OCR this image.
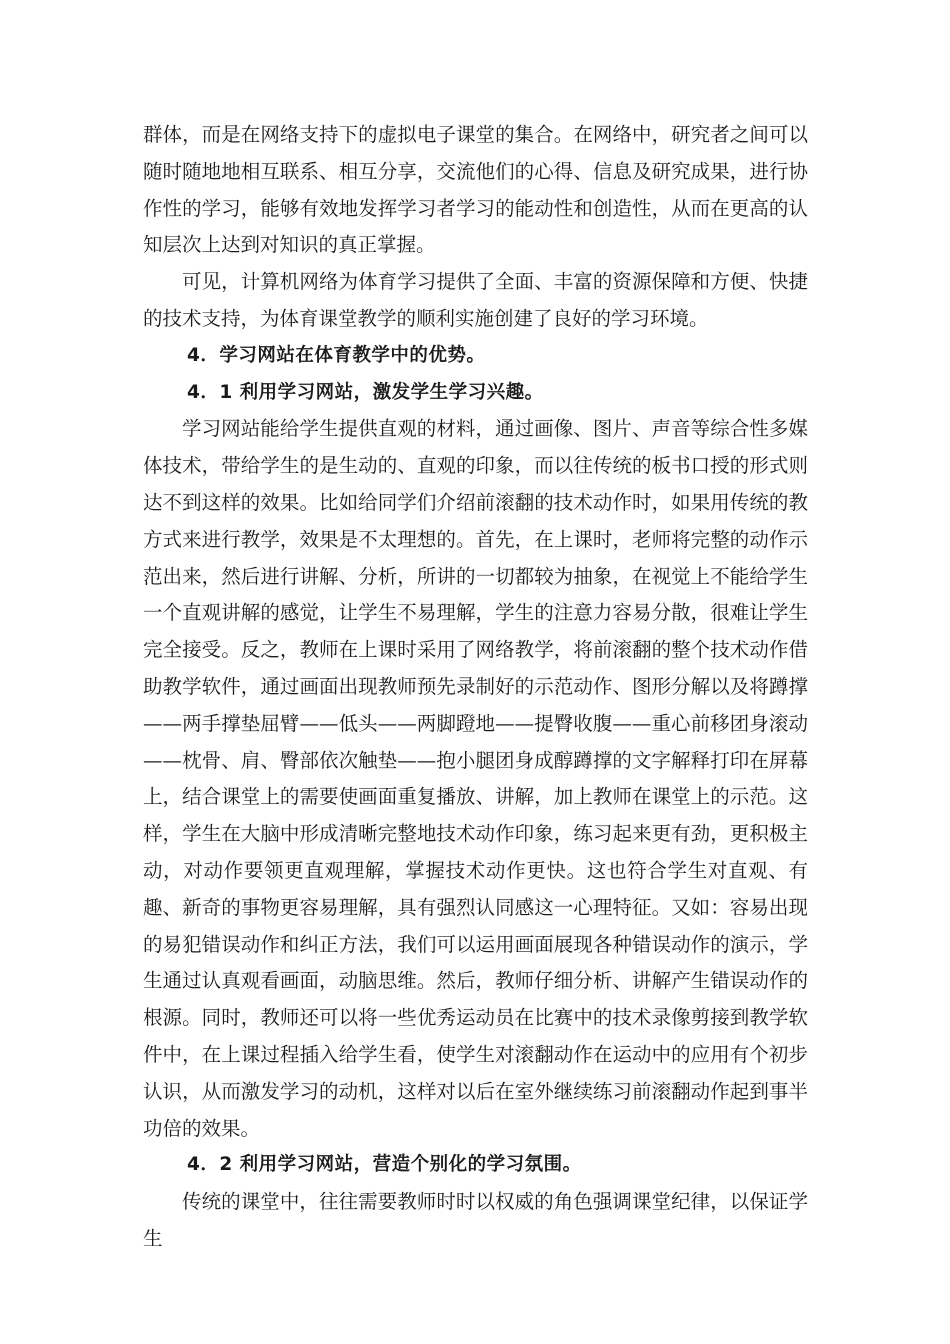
群体，而是在网络支持下的虚拟电子课堂的集合。在网络中，研究者之间可以随时随地地相互联系、相互分享，交流他们的心得、信息及研究成果，进行协作性的学习，能够有效地发挥学习者学习的能动性和创造性，从而在更高的认知层次上达到对知识的真正掌握。

可见，计算机网络为体育学习提供了全面、丰富的资源保障和方便、快捷的技术支持，为体育课堂教学的顺利实施创建了良好的学习环境。

4．学习网站在体育教学中的优势。

4．1 利用学习网站，激发学生学习兴趣。

学习网站能给学生提供直观的材料，通过画像、图片、声音等综合性多媒体技术，带给学生的是生动的、直观的印象，而以往传统的板书口授的形式则达不到这样的效果。比如给同学们介绍前滚翻的技术动作时，如果用传统的教方式来进行教学，效果是不太理想的。首先，在上课时，老师将完整的动作示范出来，然后进行讲解、分析，所讲的一切都较为抽象，在视觉上不能给学生一个直观讲解的感觉，让学生不易理解，学生的注意力容易分散，很难让学生完全接受。反之，教师在上课时采用了网络教学，将前滚翻的整个技术动作借助教学软件，通过画面出现教师预先录制好的示范动作、图形分解以及将蹲撑——两手撑垫屈臂——低头——两脚蹬地——提臀收腹——重心前移团身滚动——枕骨、肩、臀部依次触垫——抱小腿团身成醇蹲撑的文字解释打印在屏幕上，结合课堂上的需要使画面重复播放、讲解，加上教师在课堂上的示范。这样，学生在大脑中形成清晰完整地技术动作印象，练习起来更有劲，更积极主动，对动作要领更直观理解，掌握技术动作更快。这也符合学生对直观、有趣、新奇的事物更容易理解，具有强烈认同感这一心理特征。又如：容易出现的易犯错误动作和纠正方法，我们可以运用画面展现各种错误动作的演示，学生通过认真观看画面，动脑思维。然后，教师仔细分析、讲解产生错误动作的根源。同时，教师还可以将一些优秀运动员在比赛中的技术录像剪接到教学软件中，在上课过程插入给学生看，使学生对滚翻动作在运动中的应用有个初步认识，从而激发学习的动机，这样对以后在室外继续练习前滚翻动作起到事半功倍的效果。

4．2 利用学习网站，营造个别化的学习氛围。

传统的课堂中，往往需要教师时时以权威的角色强调课堂纪律，以保证学生
